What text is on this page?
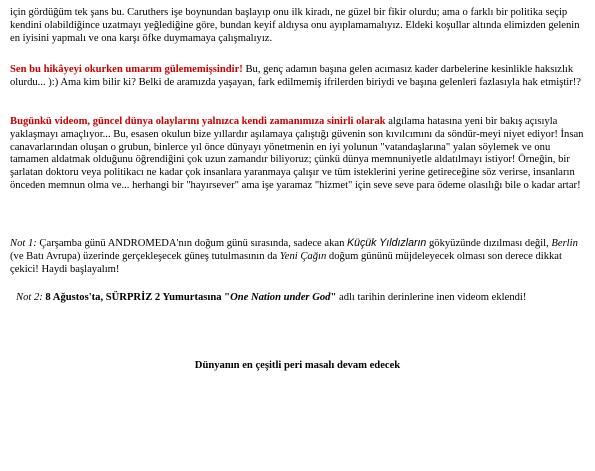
için gördüğüm tek şans bu. Caruthers işe boynundan başlayıp onu ilk kiradı, ne güzel bir fikir olurdu; ama o farklı bir politika seçip kendini olabildiğince uzatmayı yeğlediğine göre, bundan keyif aldıysa onu ayıplamamalıyız. Eldeki koşullar altında elimizden gelenin en iyisini yapmalı ve ona karşı öfke duymamaya çalışmalıyız.

Sen bu hikâyeyi okurken umarım gülememişsindir! Bu, genç adamın başına gelen acımasız kader darbelerine kesinlikle haksızlık olurdu... ):) Ama kim bilir ki? Belki de aramızda yaşayan, fark edilmemiş ifrilerden biriydi ve başına gelenleri fazlasıyla hak etmiştir!?

Bugünkü videom, güncel dünya olaylarını yalnızca kendi zamanımıza sinirli olarak algılama hatasına yeni bir bakış açısıyla yaklaşmayı amaçlıyor... Bu, esasen okulun bize yıllardır aşılamaya çalıştığı güvenin son kıvılcımını da söndür-meyi niyet ediyor! İnsan canavarlarından oluşan o grubun, binlerce yıl önce dünyayı yönetmenin en iyi yolunun "vatandaşlarına" yalan söylemek ve onu tamamen aldatmak olduğunu öğrendiğini çok uzun zamandır biliyoruz; çünkü dünya memnuniyetle aldatılmayı istiyor! Örneğin, bir şarlatan doktoru veya politikacı ne kadar çok insanlara yaranmaya çalışır ve tüm isteklerini yerine getireceğine söz verirse, insanların önceden memnun olma ve... herhangi bir "hayırsever" ama işe yaramaz "hizmet" için seve seve para ödeme olasılığı bile o kadar artar!

Not 1: Çarşamba günü ANDROMEDA'nın doğum günü sırasında, sadece akan Küçük Yıldızların gökyüzünde dızılması değil, Berlin (ve Batı Avrupa) üzerinde gerçekleşecek güneş tutulmasının da Yeni Çağın doğum gününü müjdeleyecek olması son derece dikkat çekici! Haydi başlayalım!

Not 2: 8 Ağustos'ta, SÜRPRİZ 2 Yumurtasına "One Nation under God" adlı tarihin derinlerine inen videom eklendi!

Dünyanın en çeşitli peri masalı devam edecek
